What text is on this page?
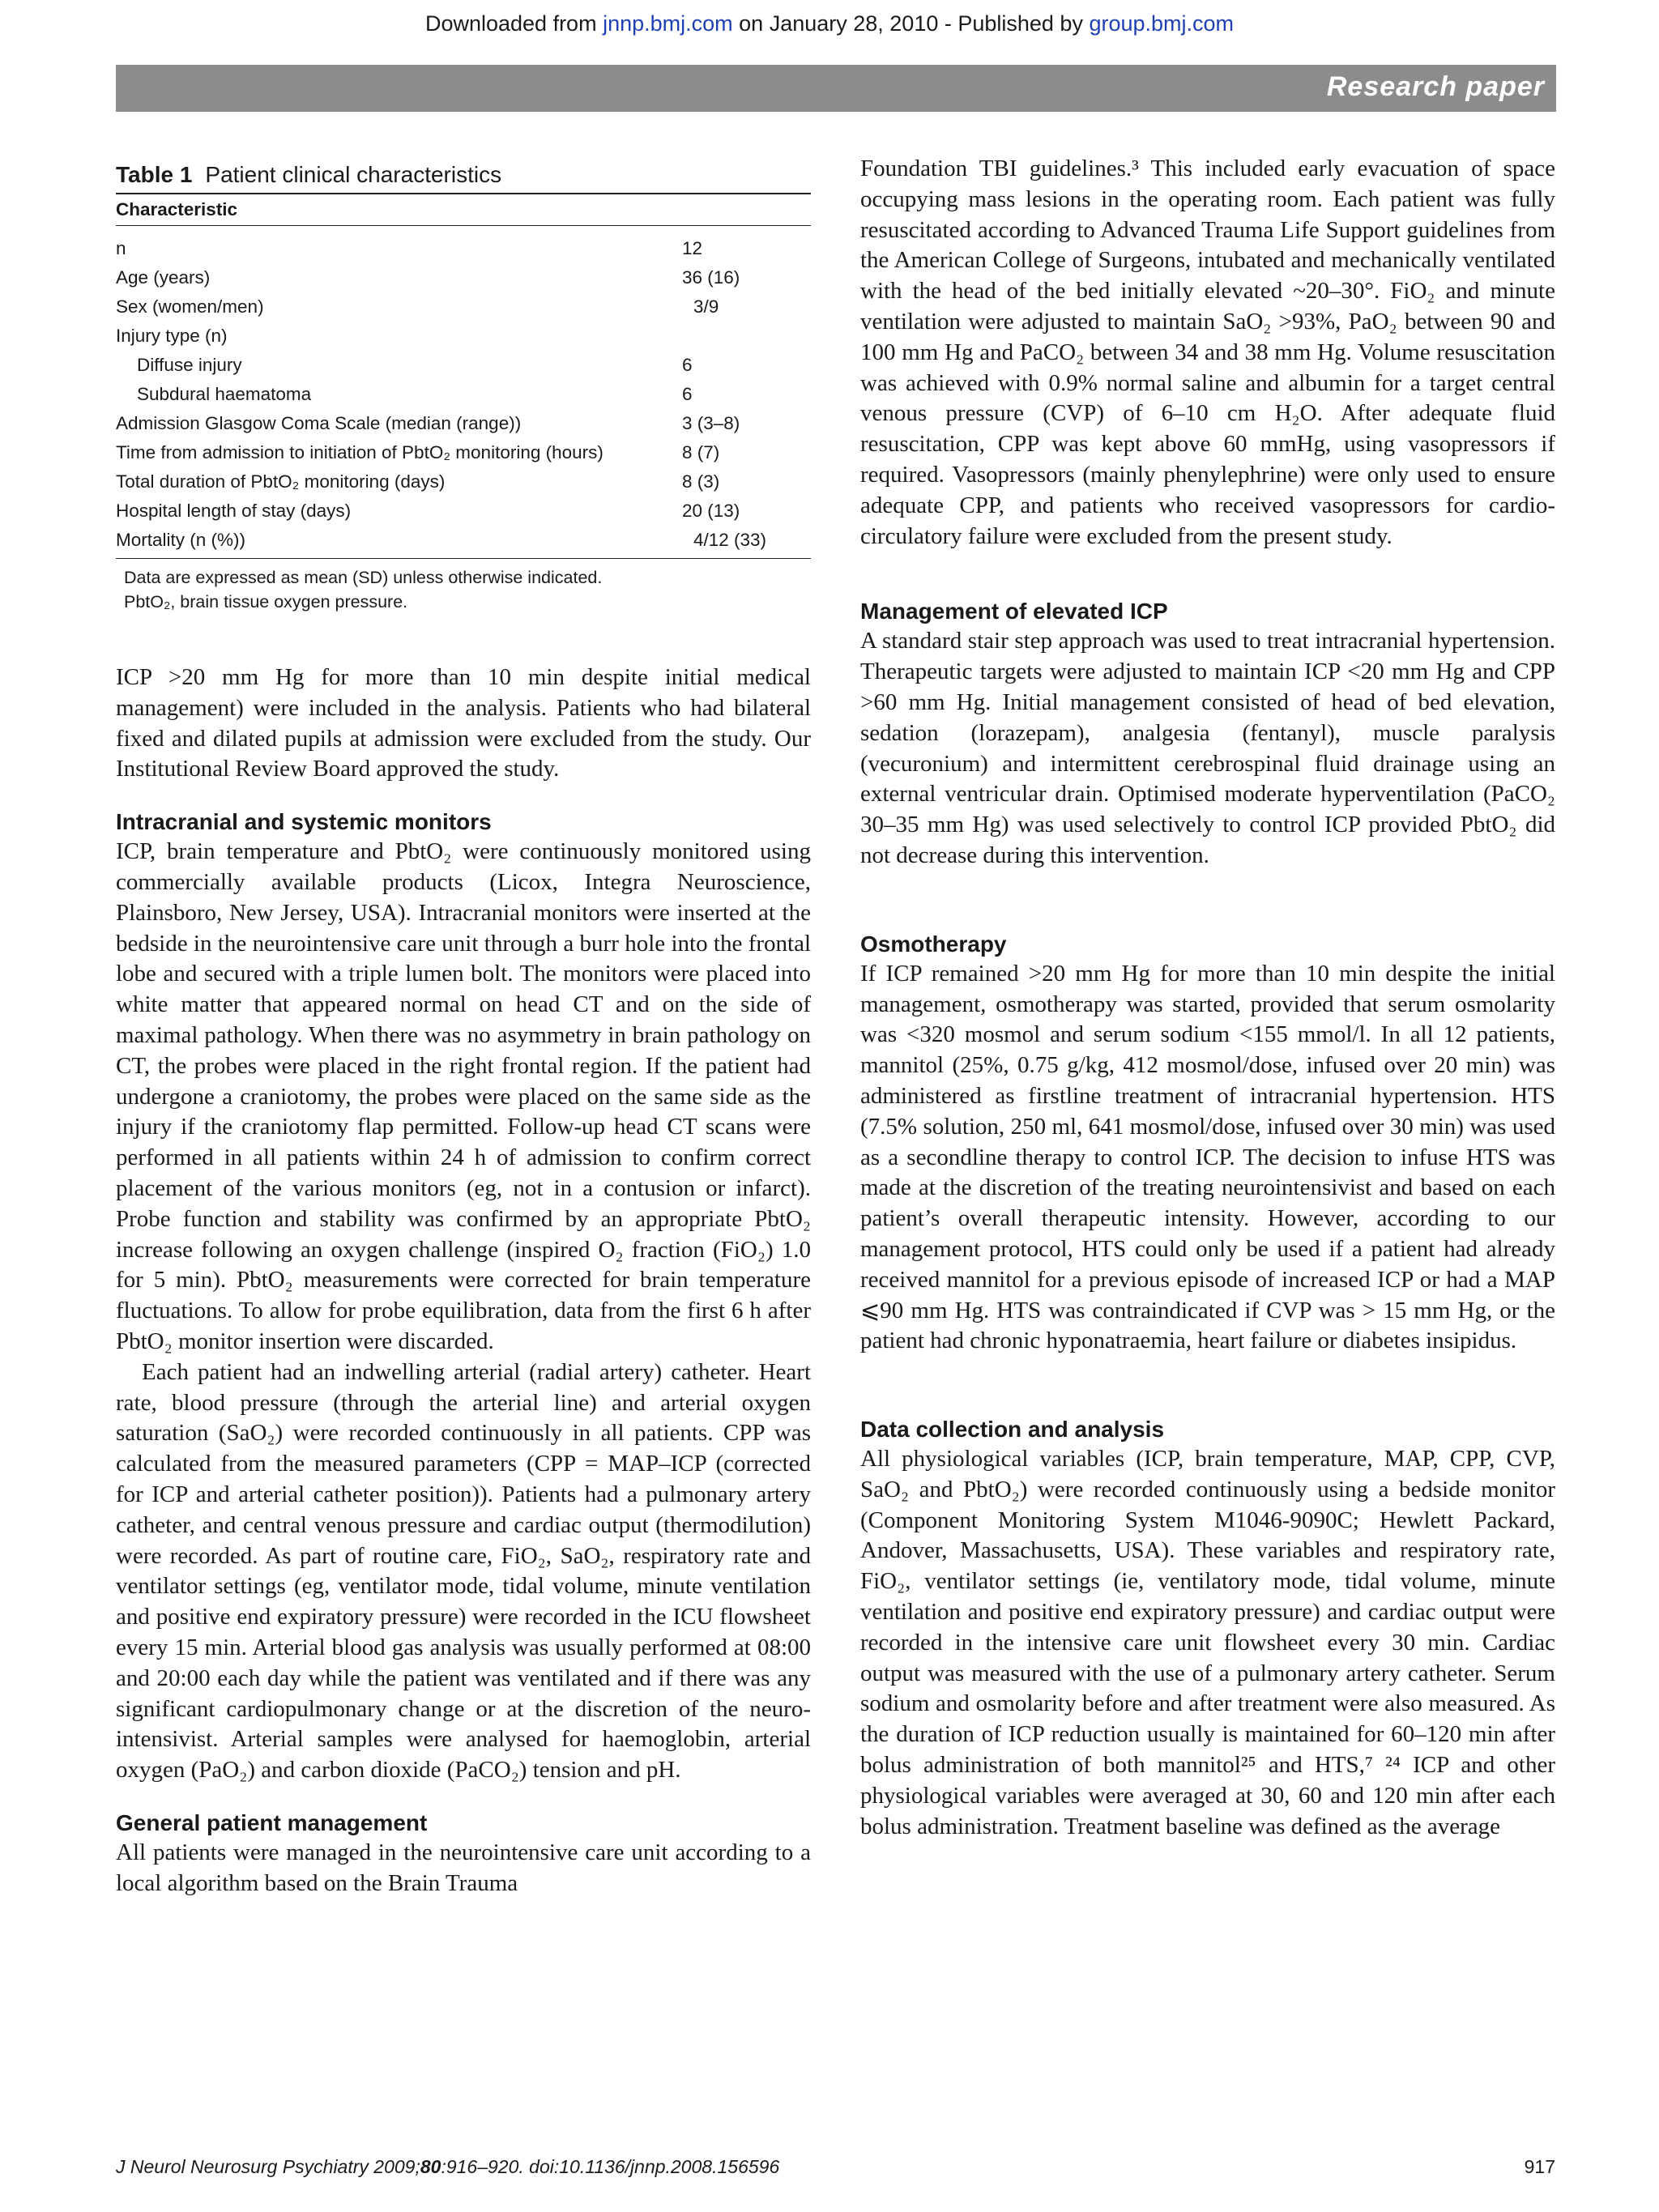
Downloaded from jnnp.bmj.com on January 28, 2010 - Published by group.bmj.com
Research paper
Table 1 Patient clinical characteristics
Characteristic
n	12
Age (years)	36 (16)
Sex (women/men)	3/9
Injury type (n)	
Diffuse injury	6
Subdural haematoma	6
Admission Glasgow Coma Scale (median (range))	3 (3–8)
Time from admission to initiation of PbtO₂ monitoring (hours)	8 (7)
Total duration of PbtO₂ monitoring (days)	8 (3)
Hospital length of stay (days)	20 (13)
Mortality (n (%))	4/12 (33)
Data are expressed as mean (SD) unless otherwise indicated.
PbtO₂, brain tissue oxygen pressure.

ICP >20 mm Hg for more than 10 min despite initial medical management) were included in the analysis. Patients who had bilateral fixed and dilated pupils at admission were excluded from the study. Our Institutional Review Board approved the study.

Intracranial and systemic monitors

ICP, brain temperature and PbtO₂ were continuously monitored using commercially available products (Licox, Integra Neuroscience, Plainsboro, New Jersey, USA). Intracranial monitors were inserted at the bedside in the neurointensive care unit through a burr hole into the frontal lobe and secured with a triple lumen bolt. The monitors were placed into white matter that appeared normal on head CT and on the side of maximal pathology. When there was no asymmetry in brain pathology on CT, the probes were placed in the right frontal region. If the patient had undergone a craniotomy, the probes were placed on the same side as the injury if the craniotomy flap permitted. Follow-up head CT scans were performed in all patients within 24 h of admission to confirm correct placement of the various monitors (eg, not in a contusion or infarct). Probe function and stability was confirmed by an appropriate PbtO₂ increase following an oxygen challenge (inspired O₂ fraction (FiO₂) 1.0 for 5 min). PbtO₂ measurements were corrected for brain temperature fluctuations. To allow for probe equilibration, data from the first 6 h after PbtO₂ monitor insertion were discarded.

Each patient had an indwelling arterial (radial artery) catheter. Heart rate, blood pressure (through the arterial line) and arterial oxygen saturation (SaO₂) were recorded continuously in all patients. CPP was calculated from the measured parameters (CPP = MAP–ICP (corrected for ICP and arterial catheter position)). Patients had a pulmonary artery catheter, and central venous pressure and cardiac output (thermodilution) were recorded. As part of routine care, FiO₂, SaO₂, respiratory rate and ventilator settings (eg, ventilator mode, tidal volume, minute ventilation and positive end expiratory pressure) were recorded in the ICU flowsheet every 15 min. Arterial blood gas analysis was usually performed at 08:00 and 20:00 each day while the patient was ventilated and if there was any significant cardiopulmonary change or at the discretion of the neuro-intensivist. Arterial samples were analysed for haemoglobin, arterial oxygen (PaO₂) and carbon dioxide (PaCO₂) tension and pH.

General patient management

All patients were managed in the neurointensive care unit according to a local algorithm based on the Brain Trauma

Foundation TBI guidelines.³ This included early evacuation of space occupying mass lesions in the operating room. Each patient was fully resuscitated according to Advanced Trauma Life Support guidelines from the American College of Surgeons, intubated and mechanically ventilated with the head of the bed initially elevated ~20–30°. FiO₂ and minute ventilation were adjusted to maintain SaO₂ >93%, PaO₂ between 90 and 100 mm Hg and PaCO₂ between 34 and 38 mm Hg. Volume resuscitation was achieved with 0.9% normal saline and albumin for a target central venous pressure (CVP) of 6–10 cm H₂O. After adequate fluid resuscitation, CPP was kept above 60 mmHg, using vasopressors if required. Vasopressors (mainly phenylephrine) were only used to ensure adequate CPP, and patients who received vasopressors for cardio-circulatory failure were excluded from the present study.

Management of elevated ICP

A standard stair step approach was used to treat intracranial hypertension. Therapeutic targets were adjusted to maintain ICP <20 mm Hg and CPP >60 mm Hg. Initial management consisted of head of bed elevation, sedation (lorazepam), analgesia (fentanyl), muscle paralysis (vecuronium) and intermittent cerebrospinal fluid drainage using an external ventricular drain. Optimised moderate hyperventilation (PaCO₂ 30–35 mm Hg) was used selectively to control ICP provided PbtO₂ did not decrease during this intervention.

Osmotherapy

If ICP remained >20 mm Hg for more than 10 min despite the initial management, osmotherapy was started, provided that serum osmolarity was <320 mosmol and serum sodium <155 mmol/l. In all 12 patients, mannitol (25%, 0.75 g/kg, 412 mosmol/dose, infused over 20 min) was administered as firstline treatment of intracranial hypertension. HTS (7.5% solution, 250 ml, 641 mosmol/dose, infused over 30 min) was used as a secondline therapy to control ICP. The decision to infuse HTS was made at the discretion of the treating neurointensivist and based on each patient’s overall therapeutic intensity. However, according to our management protocol, HTS could only be used if a patient had already received mannitol for a previous episode of increased ICP or had a MAP ⩽90 mm Hg. HTS was contraindicated if CVP was > 15 mm Hg, or the patient had chronic hyponatraemia, heart failure or diabetes insipidus.

Data collection and analysis

All physiological variables (ICP, brain temperature, MAP, CPP, CVP, SaO₂ and PbtO₂) were recorded continuously using a bedside monitor (Component Monitoring System M1046-9090C; Hewlett Packard, Andover, Massachusetts, USA). These variables and respiratory rate, FiO₂, ventilator settings (ie, ventilatory mode, tidal volume, minute ventilation and positive end expiratory pressure) and cardiac output were recorded in the intensive care unit flowsheet every 30 min. Cardiac output was measured with the use of a pulmonary artery catheter. Serum sodium and osmolarity before and after treatment were also measured. As the duration of ICP reduction usually is maintained for 60–120 min after bolus administration of both mannitol²⁵ and HTS,⁷ ²⁴ ICP and other physiological variables were averaged at 30, 60 and 120 min after each bolus administration. Treatment baseline was defined as the average

J Neurol Neurosurg Psychiatry 2009;80:916–920. doi:10.1136/jnnp.2008.156596	917
